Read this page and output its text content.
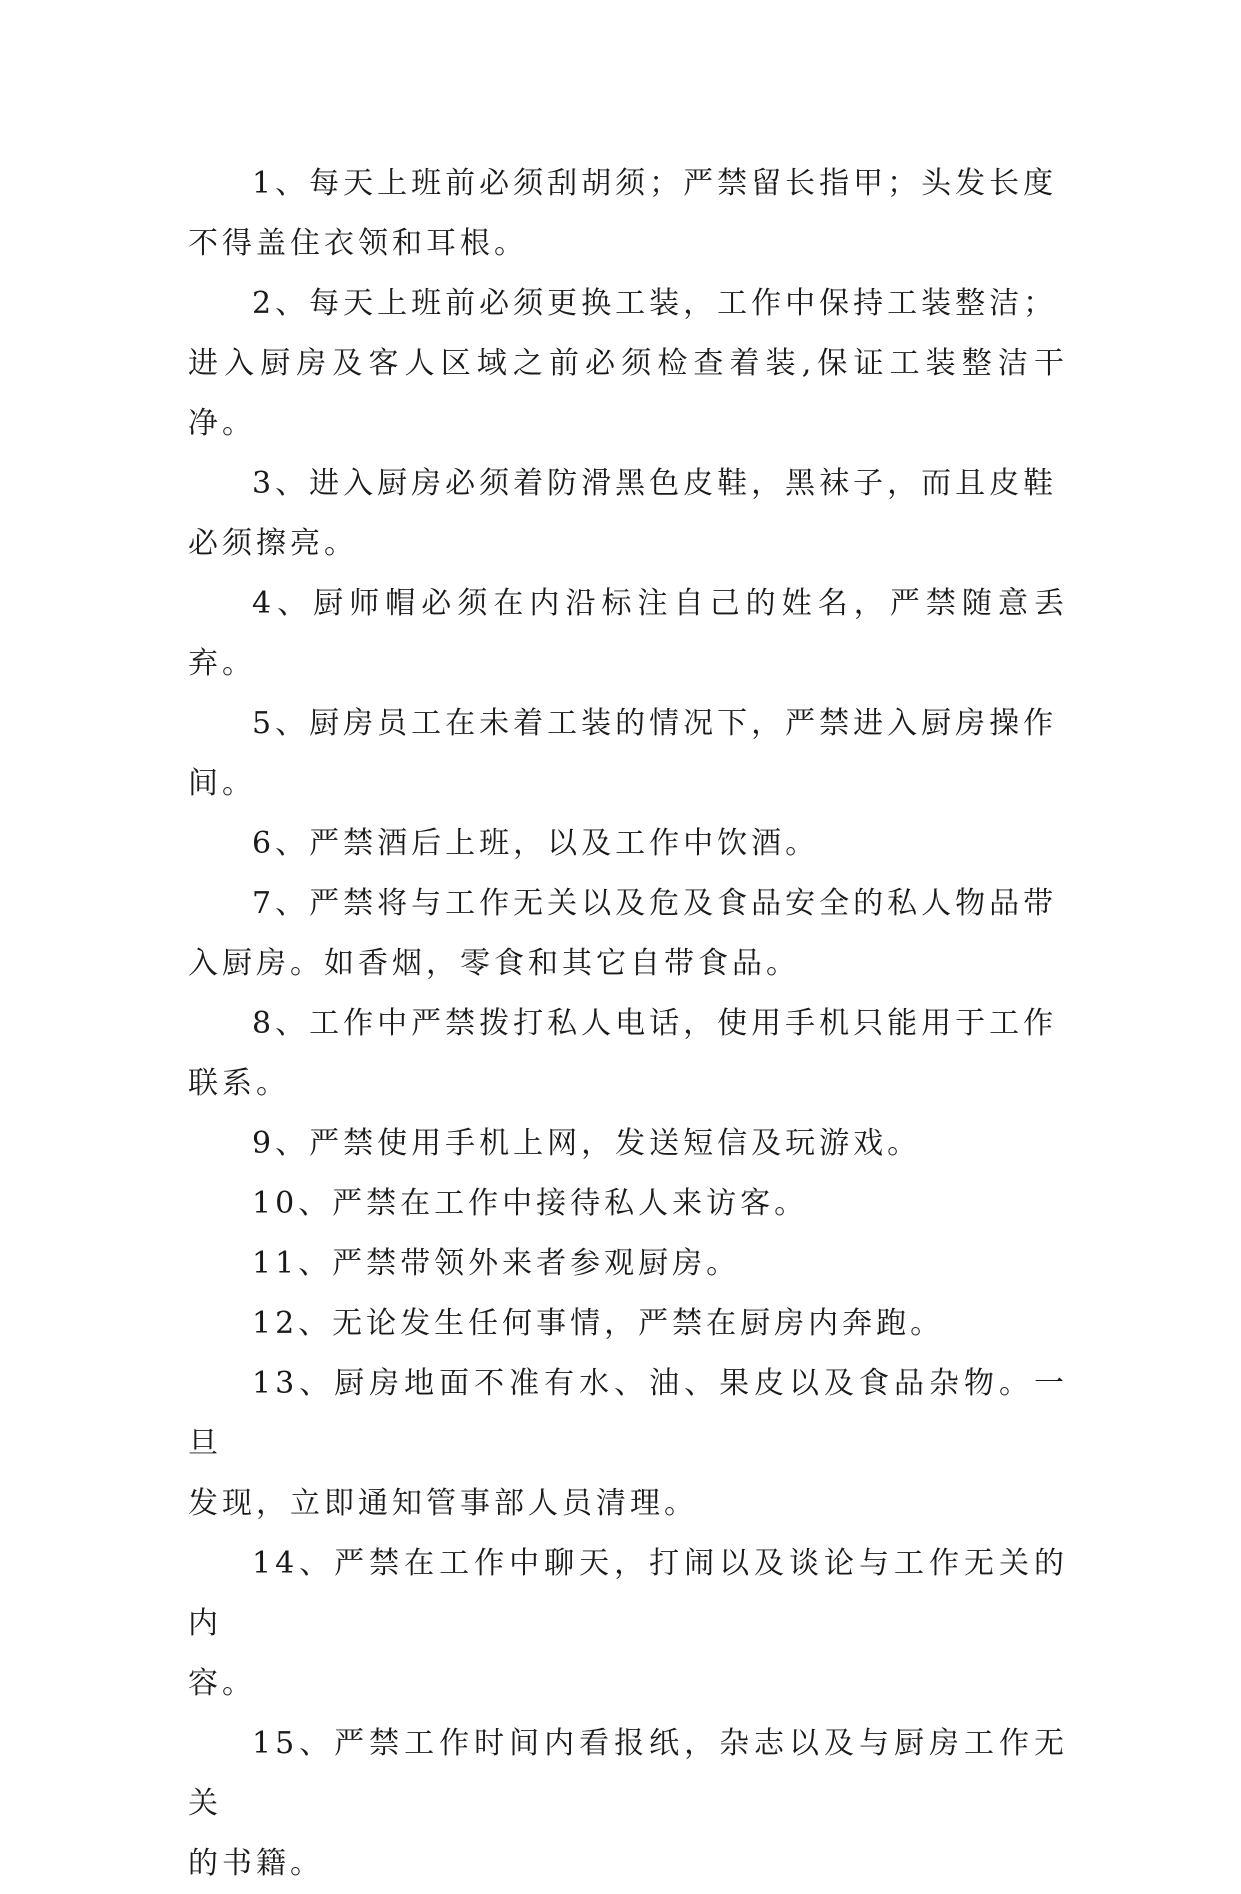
1、每天上班前必须刮胡须；严禁留长指甲；头发长度
不得盖住衣领和耳根。

2、每天上班前必须更换工装，工作中保持工装整洁；
进入厨房及客人区域之前必须检查着装,保证工装整洁干净。

3、进入厨房必须着防滑黑色皮鞋，黑袜子，而且皮鞋
必须擦亮。

4、厨师帽必须在内沿标注自己的姓名，严禁随意丢弃。

5、厨房员工在未着工装的情况下，严禁进入厨房操作
间。

6、严禁酒后上班，以及工作中饮酒。

7、严禁将与工作无关以及危及食品安全的私人物品带
入厨房。如香烟，零食和其它自带食品。

8、工作中严禁拨打私人电话，使用手机只能用于工作
联系。

9、严禁使用手机上网，发送短信及玩游戏。

10、严禁在工作中接待私人来访客。

11、严禁带领外来者参观厨房。

12、无论发生任何事情，严禁在厨房内奔跑。

13、厨房地面不准有水、油、果皮以及食品杂物。一旦
发现，立即通知管事部人员清理。

14、严禁在工作中聊天，打闹以及谈论与工作无关的内
容。

15、严禁工作时间内看报纸，杂志以及与厨房工作无关
的书籍。
